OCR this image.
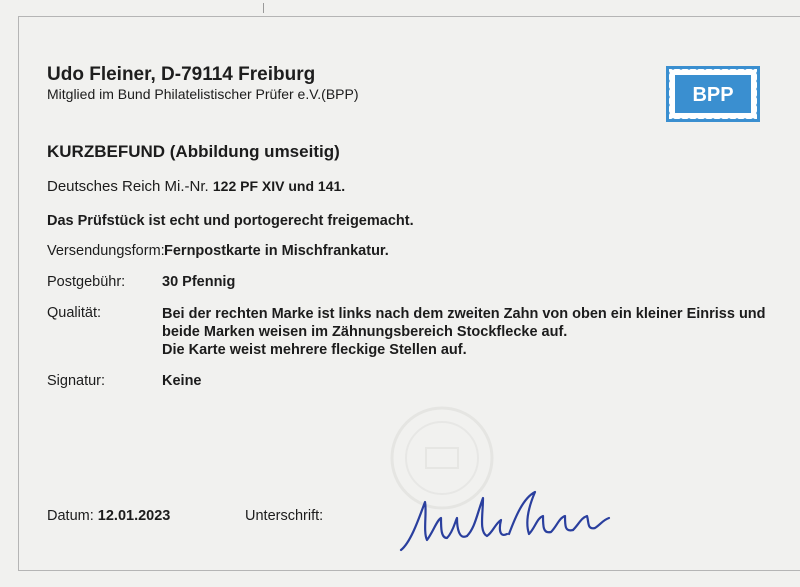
Udo Fleiner, D-79114 Freiburg
Mitglied im Bund Philatelistischer Prüfer e.V.(BPP)	BPP
KURZBEFUND (Abbildung umseitig)
Deutsches Reich Mi.-Nr. 122 PF XIV und 141.
Das Prüfstück ist echt und portogerecht freigemacht.
Versendungsform: Fernpostkarte in Mischfrankatur.
Postgebühr:	30 Pfennig
Qualität:	Bei der rechten Marke ist links nach dem zweiten Zahn von oben ein kleiner Einriss und
beide Marken weisen im Zähnungsbereich Stockflecke auf.
Die Karte weist mehrere fleckige Stellen auf.
Signatur:	Keine
Datum: 12.01.2023	Unterschrift:
